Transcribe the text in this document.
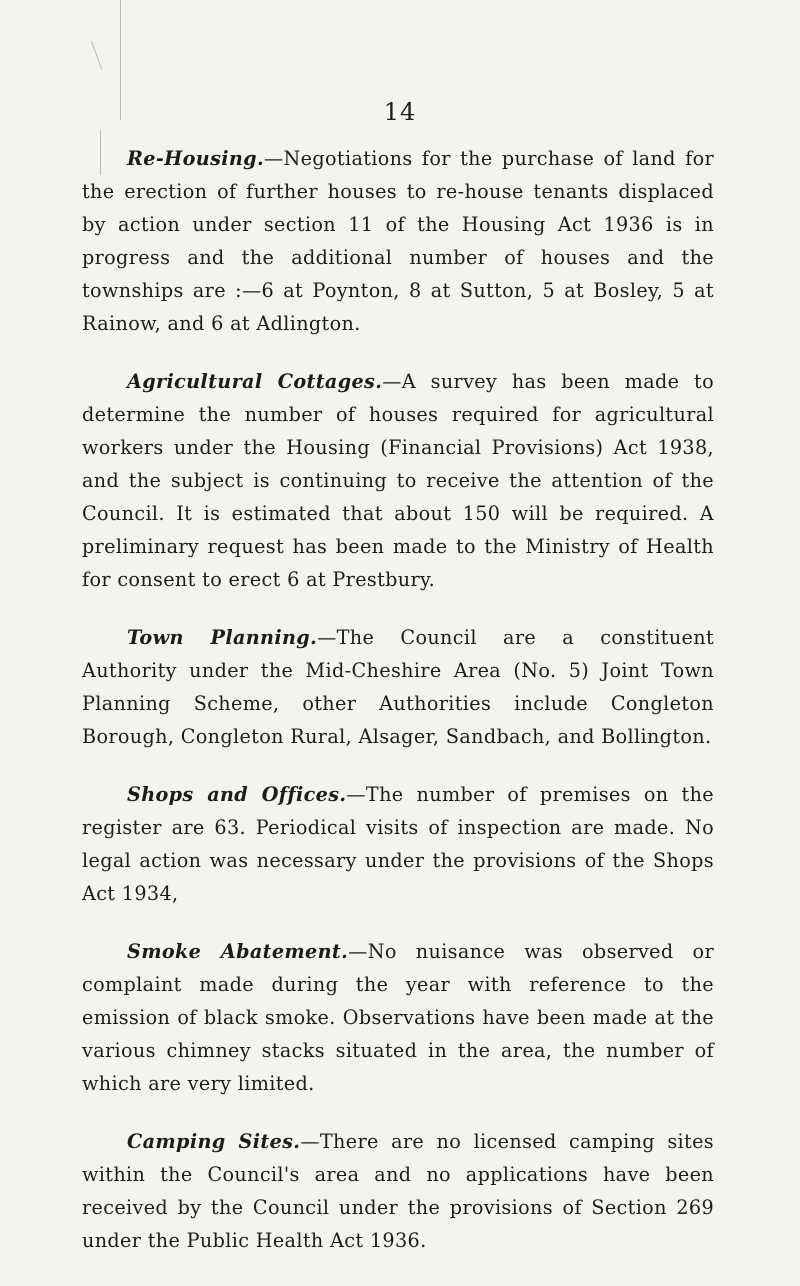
14

Re-Housing.—Negotiations for the purchase of land for the erection of further houses to re-house tenants displaced by action under section 11 of the Housing Act 1936 is in progress and the additional number of houses and the townships are :—6 at Poynton, 8 at Sutton, 5 at Bosley, 5 at Rainow, and 6 at Adlington.

Agricultural Cottages.—A survey has been made to determine the number of houses required for agricultural workers under the Housing (Financial Provisions) Act 1938, and the subject is continuing to receive the attention of the Council. It is estimated that about 150 will be required. A preliminary request has been made to the Ministry of Health for consent to erect 6 at Prestbury.

Town Planning.—The Council are a constituent Authority under the Mid-Cheshire Area (No. 5) Joint Town Planning Scheme, other Authorities include Congleton Borough, Congleton Rural, Alsager, Sandbach, and Bollington.

Shops and Offices.—The number of premises on the register are 63. Periodical visits of inspection are made. No legal action was necessary under the provisions of the Shops Act 1934,

Smoke Abatement.—No nuisance was observed or complaint made during the year with reference to the emission of black smoke. Observations have been made at the various chimney stacks situated in the area, the number of which are very limited.

Camping Sites.—There are no licensed camping sites within the Council's area and no applications have been received by the Council under the provisions of Section 269 under the Public Health Act 1936.
